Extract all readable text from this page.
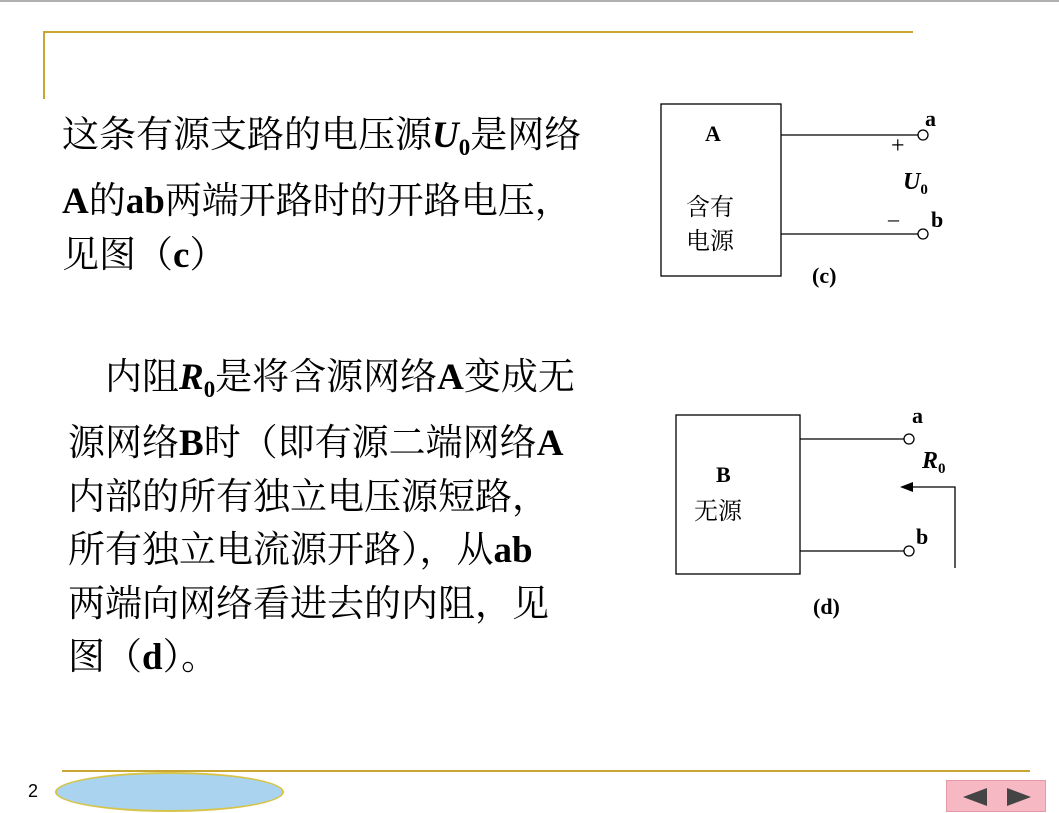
这条有源支路的电压源$U_0$是网络
A的ab两端开路时的开路电压，
见图（c）
　内阻$R_0$是将含源网络A变成无
源网络B时（即有源二端网络A
内部的所有独立电压源短路，
所有独立电流源开路），从ab
两端向网络看进去的内阻，见
图（d）。
A
含有
电源
a
b
+
–
$U_0$
(c)
B
无源
a
b
$R_0$
(d)
2
